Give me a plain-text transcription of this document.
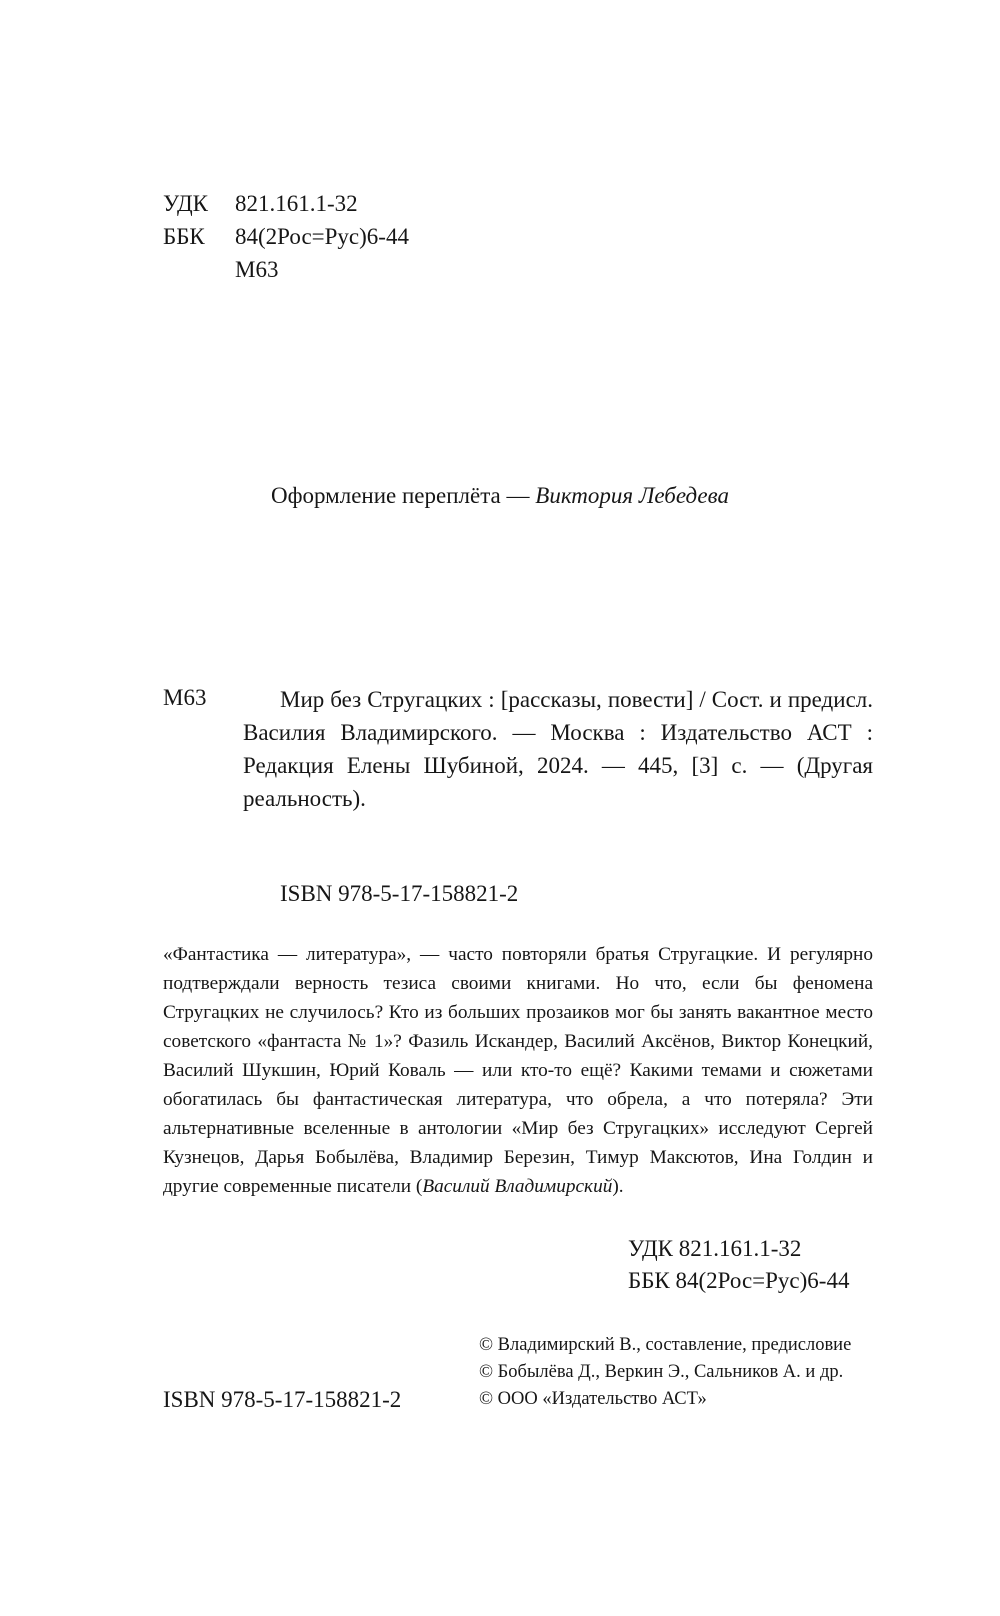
УДК 821.161.1-32
ББК 84(2Рос=Рус)6-44
М63
Оформление переплёта — Виктория Лебедева
М63	Мир без Стругацких : [рассказы, повести] / Сост. и предисл. Василия Владимирского. — Москва : Издательство АСТ : Редакция Елены Шубиной, 2024. — 445, [3] с. — (Другая реальность).
ISBN 978-5-17-158821-2
«Фантастика — литература», — часто повторяли братья Стругацкие. И регулярно подтверждали верность тезиса своими книгами. Но что, если бы феномена Стругацких не случилось? Кто из больших прозаиков мог бы занять вакантное место советского «фантаста № 1»? Фазиль Искандер, Василий Аксёнов, Виктор Конецкий, Василий Шукшин, Юрий Коваль — или кто-то ещё? Какими темами и сюжетами обогатилась бы фантастическая литература, что обрела, а что потеряла? Эти альтернативные вселенные в антологии «Мир без Стругацких» исследуют Сергей Кузнецов, Дарья Бобылёва, Владимир Березин, Тимур Максютов, Ина Голдин и другие современные писатели (Василий Владимирский).
УДК 821.161.1-32
ББК 84(2Рос=Рус)6-44
© Владимирский В., составление, предисловие
© Бобылёва Д., Веркин Э., Сальников А. и др.
© ООО «Издательство АСТ»
ISBN 978-5-17-158821-2
